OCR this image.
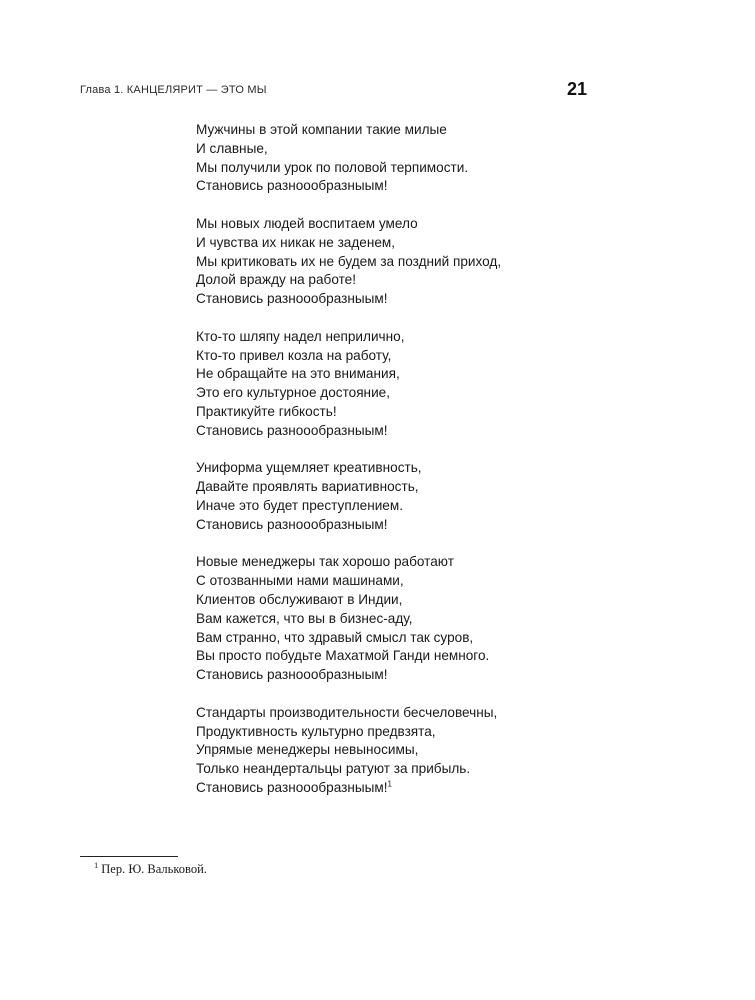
Глава 1. КАНЦЕЛЯРИТ — ЭТО МЫ	21
Мужчины в этой компании такие милые
И славные,
Мы получили урок по половой терпимости.
Становись разноообразныым!
Мы новых людей воспитаем умело
И чувства их никак не заденем,
Мы критиковать их не будем за поздний приход,
Долой вражду на работе!
Становись разноообразныым!
Кто-то шляпу надел неприлично,
Кто-то привел козла на работу,
Не обращайте на это внимания,
Это его культурное достояние,
Практикуйте гибкость!
Становись разноообразныым!
Униформа ущемляет креативность,
Давайте проявлять вариативность,
Иначе это будет преступлением.
Становись разноообразныым!
Новые менеджеры так хорошо работают
С отозванными нами машинами,
Клиентов обслуживают в Индии,
Вам кажется, что вы в бизнес-аду,
Вам странно, что здравый смысл так суров,
Вы просто побудьте Махатмой Ганди немного.
Становись разноообразныым!
Стандарты производительности бесчеловечны,
Продуктивность культурно предвзята,
Упрямые менеджеры невыносимы,
Только неандертальцы ратуют за прибыль.
Становись разноообразныым!$^1$
$^1$ Пер. Ю. Вальковой.
